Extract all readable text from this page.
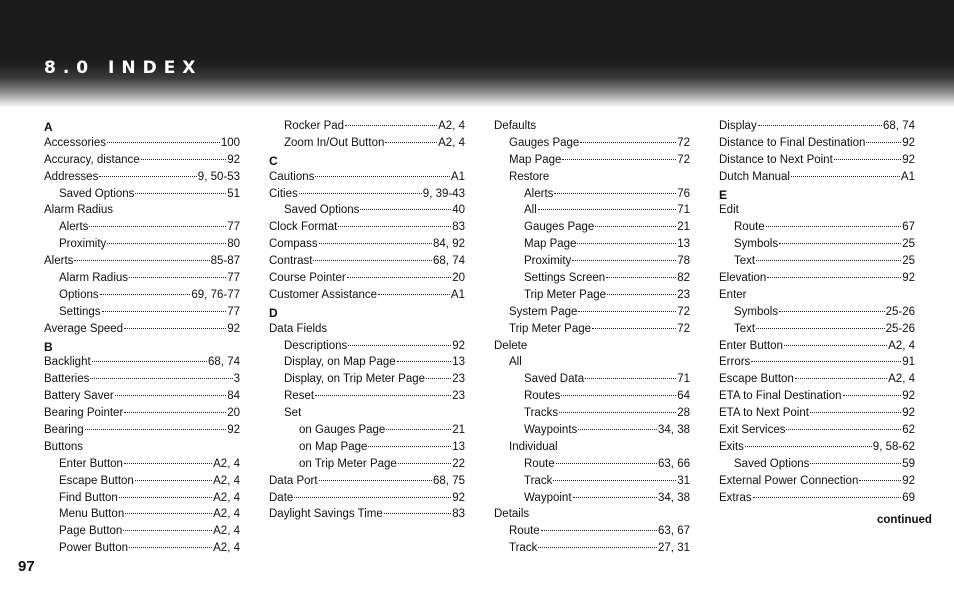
8.0 INDEX
A
Accessories	100
Accuracy, distance	92
Addresses	9, 50-53
Saved Options	51
Alarm Radius
Alerts	77
Proximity	80
Alerts	85-87
Alarm Radius	77
Options	69, 76-77
Settings	77
Average Speed	92
B
Backlight	68, 74
Batteries	3
Battery Saver	84
Bearing Pointer	20
Bearing	92
Buttons
Enter Button	A2, 4
Escape Button	A2, 4
Find Button	A2, 4
Menu Button	A2, 4
Page Button	A2, 4
Power Button	A2, 4
Rocker Pad	A2, 4
Zoom In/Out Button	A2, 4
C
Cautions	A1
Cities	9, 39-43
Saved Options	40
Clock Format	83
Compass	84, 92
Contrast	68, 74
Course Pointer	20
Customer Assistance	A1
D
Data Fields
Descriptions	92
Display, on Map Page	13
Display, on Trip Meter Page 23
Reset	23
Set
on Gauges Page	21
on Map Page	13
on Trip Meter Page	22
Data Port	68, 75
Date	92
Daylight Savings Time	83
Defaults
Gauges Page	72
Map Page	72
Restore
Alerts	76
All	71
Gauges Page	21
Map Page	13
Proximity	78
Settings Screen	82
Trip Meter Page	23
System Page	72
Trip Meter Page	72
Delete
All
Saved Data	71
Routes	64
Tracks	28
Waypoints	34, 38
Individual
Route	63, 66
Track	31
Waypoint	34, 38
Details
Route	63, 67
Track	27, 31
Display	68, 74
Distance to Final Destination	92
Distance to Next Point	92
Dutch Manual	A1
E
Edit
Route	67
Symbols	25
Text	25
Elevation	92
Enter
Symbols	25-26
Text	25-26
Enter Button	A2, 4
Errors	91
Escape Button	A2, 4
ETA to Final Destination	92
ETA to Next Point	92
Exit Services	62
Exits	9, 58-62
Saved Options	59
External Power Connection	92
Extras	69
continued
97
